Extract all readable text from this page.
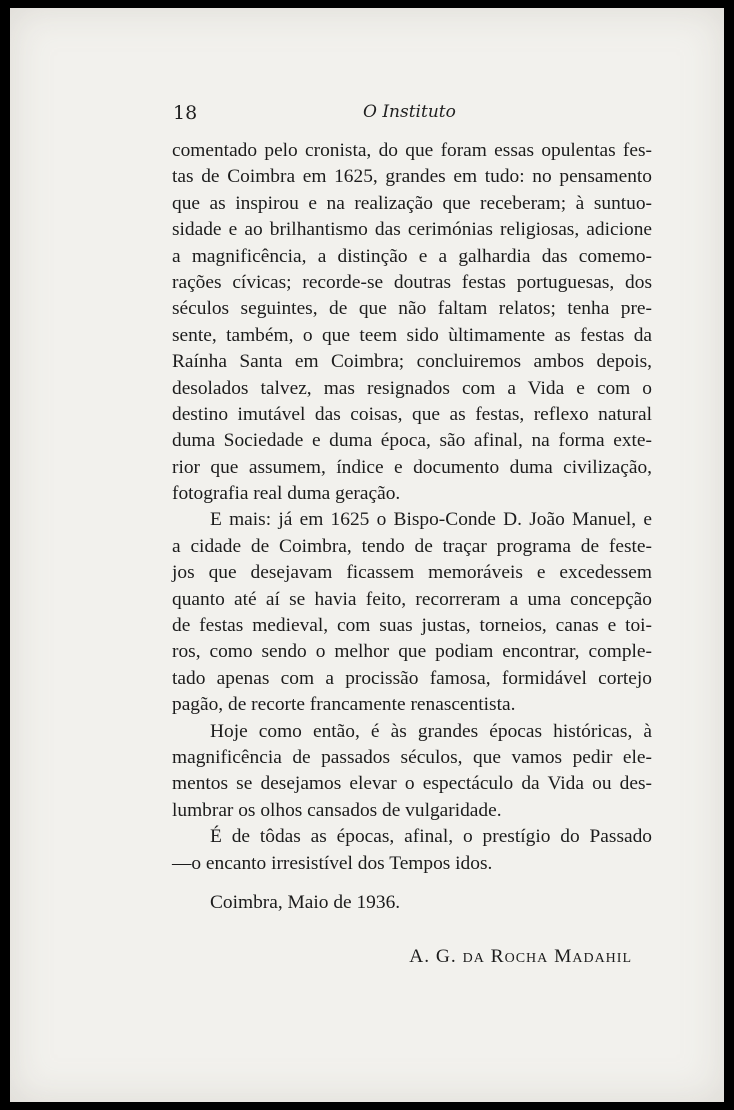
18	O Instituto
comentado pelo cronista, do que foram essas opulentas fes-
tas de Coimbra em 1625, grandes em tudo: no pensamento
que as inspirou e na realização que receberam; à suntuo-
sidade e ao brilhantismo das cerimónias religiosas, adicione
a magnificência, a distinção e a galhardia das comemo-
rações cívicas; recorde-se doutras festas portuguesas, dos
séculos seguintes, de que não faltam relatos; tenha pre-
sente, também, o que teem sido ùltimamente as festas da
Raínha Santa em Coimbra; concluiremos ambos depois,
desolados talvez, mas resignados com a Vida e com o
destino imutável das coisas, que as festas, reflexo natural
duma Sociedade e duma época, são afinal, na forma exte-
rior que assumem, índice e documento duma civilização,
fotografia real duma geração.
E mais: já em 1625 o Bispo-Conde D. João Manuel, e
a cidade de Coimbra, tendo de traçar programa de feste-
jos que desejavam ficassem memoráveis e excedessem
quanto até aí se havia feito, recorreram a uma concepção
de festas medieval, com suas justas, torneios, canas e toi-
ros, como sendo o melhor que podiam encontrar, comple-
tado apenas com a procissão famosa, formidável cortejo
pagão, de recorte francamente renascentista.
Hoje como então, é às grandes épocas históricas, à
magnificência de passados séculos, que vamos pedir ele-
mentos se desejamos elevar o espectáculo da Vida ou des-
lumbrar os olhos cansados de vulgaridade.
É de tôdas as épocas, afinal, o prestígio do Passado
—o encanto irresistível dos Tempos idos.
Coimbra, Maio de 1936.
A. G. da Rocha Madahil
